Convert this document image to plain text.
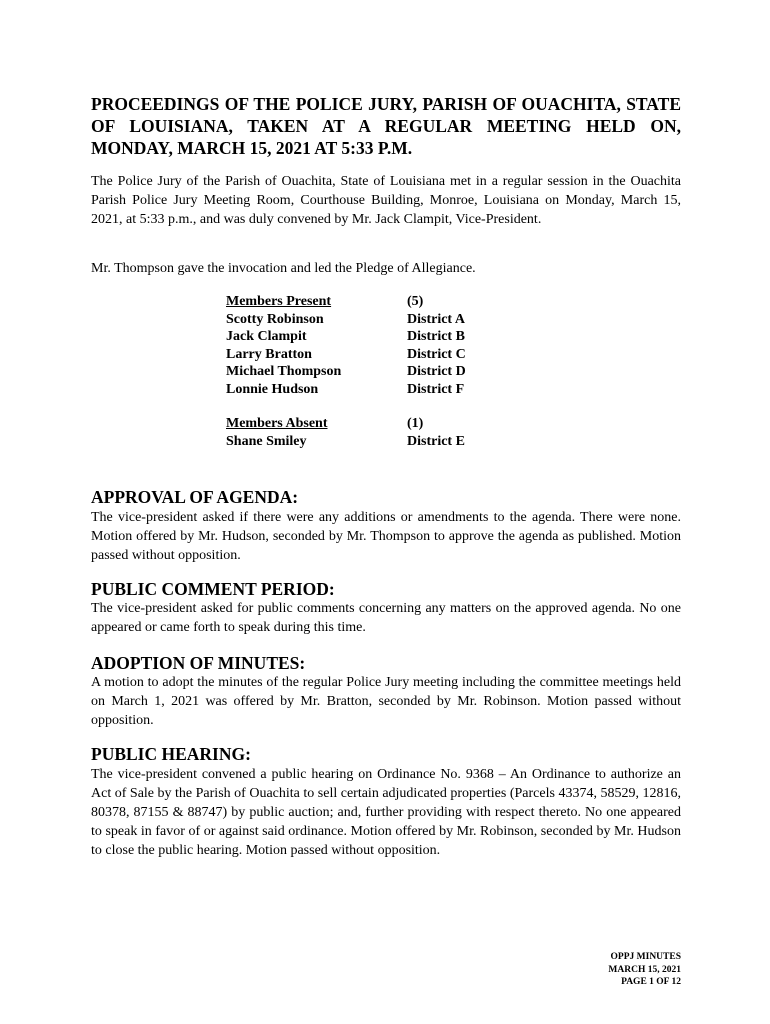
PROCEEDINGS OF THE POLICE JURY, PARISH OF OUACHITA, STATE OF LOUISIANA, TAKEN AT A REGULAR MEETING HELD ON, MONDAY, MARCH 15, 2021 AT 5:33 P.M.

The Police Jury of the Parish of Ouachita, State of Louisiana met in a regular session in the Ouachita Parish Police Jury Meeting Room, Courthouse Building, Monroe, Louisiana on Monday, March 15, 2021, at 5:33 p.m., and was duly convened by Mr. Jack Clampit, Vice-President.

Mr. Thompson gave the invocation and led the Pledge of Allegiance.

Members Present	(5)
Scotty Robinson	District A
Jack Clampit	District B
Larry Bratton	District C
Michael Thompson	District D
Lonnie Hudson	District F
Members Absent	(1)
Shane Smiley	District E
APPROVAL OF AGENDA:

The vice-president asked if there were any additions or amendments to the agenda. There were none. Motion offered by Mr. Hudson, seconded by Mr. Thompson to approve the agenda as published. Motion passed without opposition.

PUBLIC COMMENT PERIOD:

The vice-president asked for public comments concerning any matters on the approved agenda. No one appeared or came forth to speak during this time.

ADOPTION OF MINUTES:

A motion to adopt the minutes of the regular Police Jury meeting including the committee meetings held on March 1, 2021 was offered by Mr. Bratton, seconded by Mr. Robinson. Motion passed without opposition.

PUBLIC HEARING:

The vice-president convened a public hearing on Ordinance No. 9368 – An Ordinance to authorize an Act of Sale by the Parish of Ouachita to sell certain adjudicated properties (Parcels 43374, 58529, 12816, 80378, 87155 & 88747) by public auction; and, further providing with respect thereto. No one appeared to speak in favor of or against said ordinance. Motion offered by Mr. Robinson, seconded by Mr. Hudson to close the public hearing. Motion passed without opposition.

OPPJ MINUTES
MARCH 15, 2021
PAGE 1 OF 12
